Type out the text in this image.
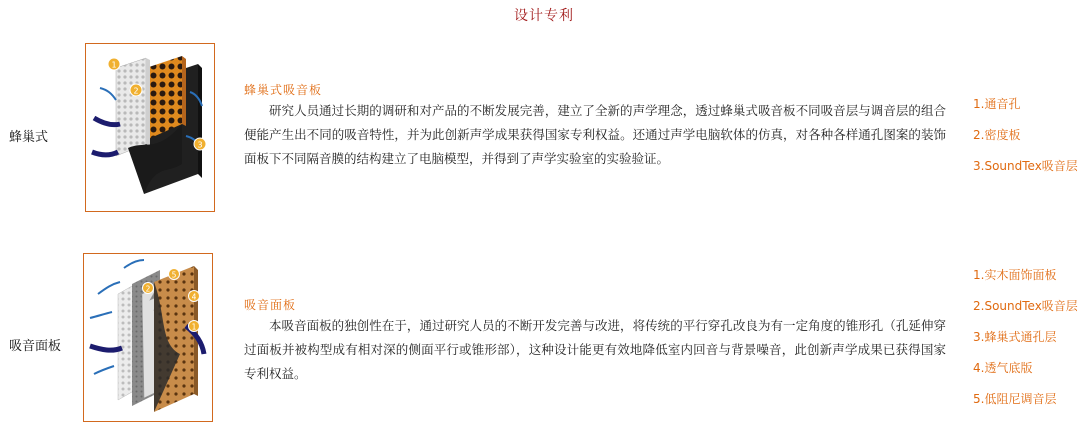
设计专利
蜂巢式
1
2
3
蜂巢式吸音板
研究人员通过长期的调研和对产品的不断发展完善，建立了全新的声学理念，透过蜂巢式吸音板不同吸音层与调音层的组合便能产生出不同的吸音特性，并为此创新声学成果获得国家专利权益。还通过声学电脑软体的仿真，对各种各样通孔图案的装饰面板下不同隔音膜的结构建立了电脑模型，并得到了声学实验室的实验验证。
1.通音孔
2.密度板
3.SoundTex吸音层
吸音面板
5
4
2
1
吸音面板
本吸音面板的独创性在于，通过研究人员的不断开发完善与改进，将传统的平行穿孔改良为有一定角度的锥形孔（孔延伸穿过面板并被构型成有相对深的侧面平行或锥形部），这种设计能更有效地降低室内回音与背景噪音，此创新声学成果已获得国家专利权益。
1.实木面饰面板
2.SoundTex吸音层
3.蜂巢式通孔层
4.透气底版
5.低阻尼调音层
